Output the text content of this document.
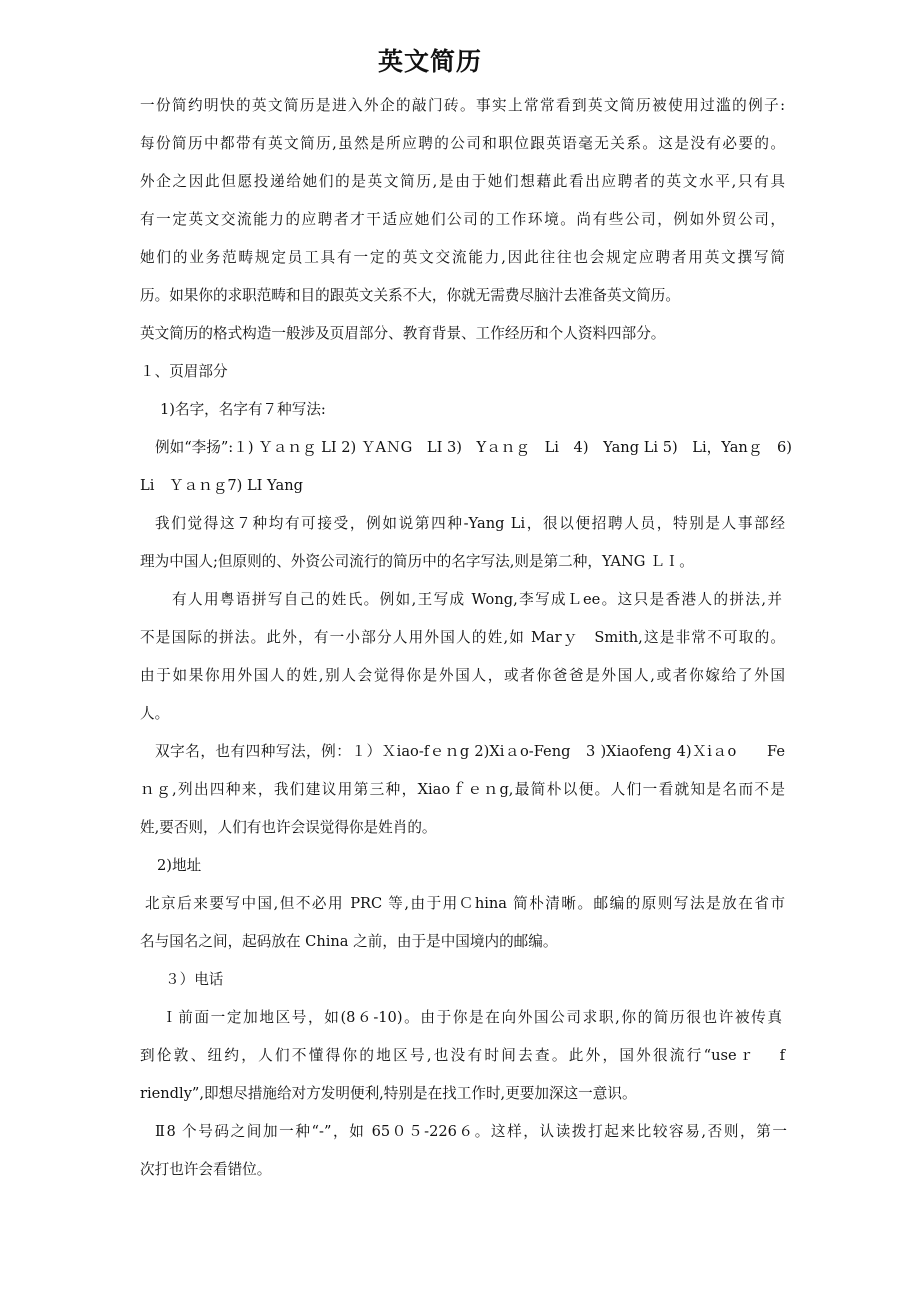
英文简历
一份简约明快的英文简历是进入外企的敲门砖。事实上常常看到英文简历被使用过滥的例子:
每份简历中都带有英文简历,虽然是所应聘的公司和职位跟英语毫无关系。这是没有必要的。
外企之因此但愿投递给她们的是英文简历,是由于她们想藉此看出应聘者的英文水平,只有具
有一定英文交流能力的应聘者才干适应她们公司的工作环境。尚有些公司，例如外贸公司，
她们的业务范畴规定员工具有一定的英文交流能力,因此往往也会规定应聘者用英文撰写简
历。如果你的求职范畴和目的跟英文关系不大，你就无需费尽脑汁去准备英文简历。
英文简历的格式构造一般涉及页眉部分、教育背景、工作经历和个人资料四部分。
１、页眉部分
1)名字，名字有７种写法:
例如“李扬”:１) Ｙａｎｇ LI 2) ＹAＮG　LI 3)　Yａｎｇ　Li　4)　Yang Li 5)　Li，Yanｇ　6)
Li　Ｙａｎｇ7) LI Yang
我们觉得这７种均有可接受，例如说第四种-Yang Li，很以便招聘人员，特别是人事部经
理为中国人;但原则的、外资公司流行的简历中的名字写法,则是第二种，YANG ＬＩ。
有人用粤语拼写自己的姓氏。例如,王写成 Wong,李写成Ｌee。这只是香港人的拼法,并
不是国际的拼法。此外，有一小部分人用外国人的姓,如 Marｙ　Smith,这是非常不可取的。
由于如果你用外国人的姓,别人会觉得你是外国人，或者你爸爸是外国人,或者你嫁给了外国
人。
双字名，也有四种写法，例：１）Ｘiao-fｅｎg 2)Xiａo-Feng　3 )Xiaofeng 4)Ｘiａo　　Fe
ｎｇ,列出四种来，我们建议用第三种，Xiaoｆｅｎg,最简朴以便。人们一看就知是名而不是
姓,要否则，人们有也许会误觉得你是姓肖的。
2)地址
北京后来要写中国,但不必用 PRC 等,由于用Ｃhina 简朴清晰。邮编的原则写法是放在省市
名与国名之间，起码放在 China 之前，由于是中国境内的邮编。
３）电话
Ｉ前面一定加地区号，如(8６-10)。由于你是在向外国公司求职,你的简历很也许被传真
到伦敦、纽约，人们不懂得你的地区号,也没有时间去查。此外，国外很流行“useｒ　 f
riendly”,即想尽措施给对方发明便利,特别是在找工作时,更要加深这一意识。
Ⅱ8 个号码之间加一种“-”，如 65０５-226６。这样，认读拨打起来比较容易,否则，第一
次打也许会看错位。
